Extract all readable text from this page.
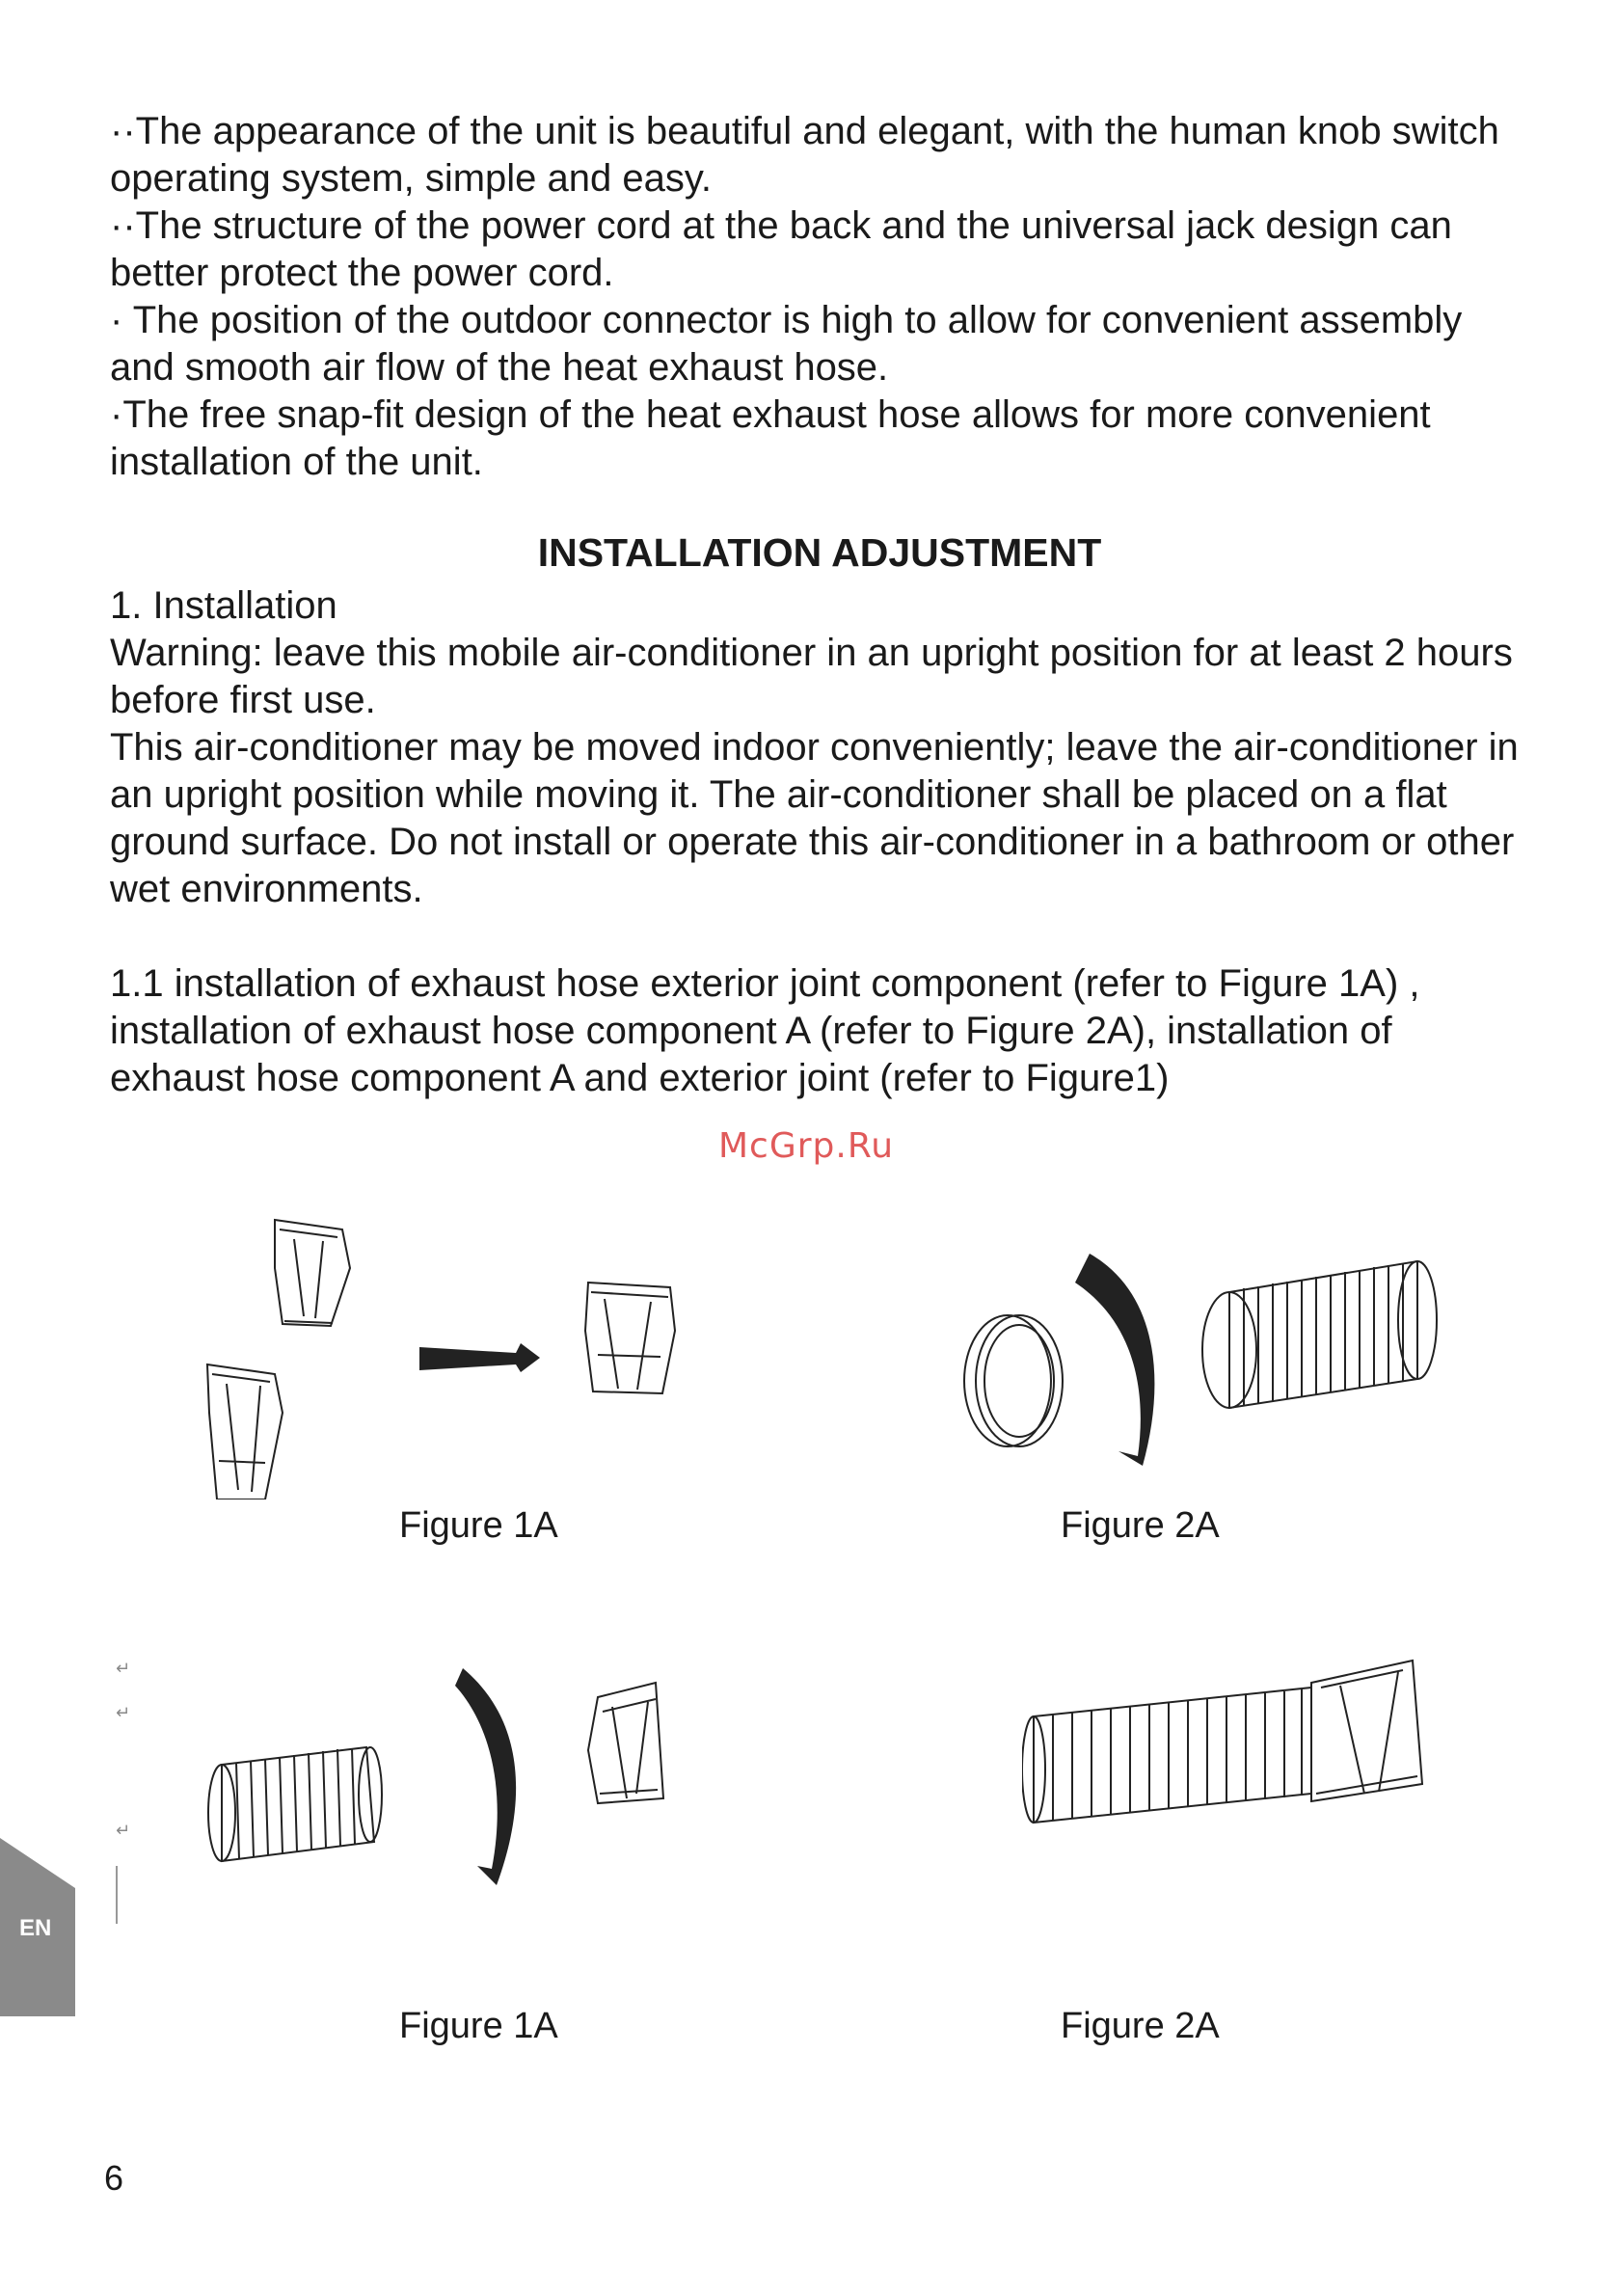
··The appearance of the unit is beautiful and elegant, with the human knob switch operating system, simple and easy.

··The structure of the power cord at the back and the universal jack design can better protect the power cord.

· The position of the outdoor connector is high to allow for convenient assembly and smooth air flow of the heat exhaust hose.

·The free snap-fit design of the heat exhaust hose allows for more convenient installation of the unit.

INSTALLATION ADJUSTMENT

1. Installation

Warning: leave this mobile air-conditioner in an upright position for at least 2 hours before first use.

This air-conditioner may be moved indoor conveniently; leave the air-conditioner in an upright position while moving it. The air-conditioner shall be placed on a flat ground surface. Do not install or operate this air-conditioner in a bathroom or other wet environments.

1.1 installation of exhaust hose exterior joint component (refer to Figure 1A) , installation of exhaust hose component A (refer to Figure 2A), installation of exhaust hose component A and exterior joint (refer to Figure1)

McGrp.Ru
Figure 1A	Figure 2A
↵
↵
↵
Figure 1A	Figure 2A
EN
6
